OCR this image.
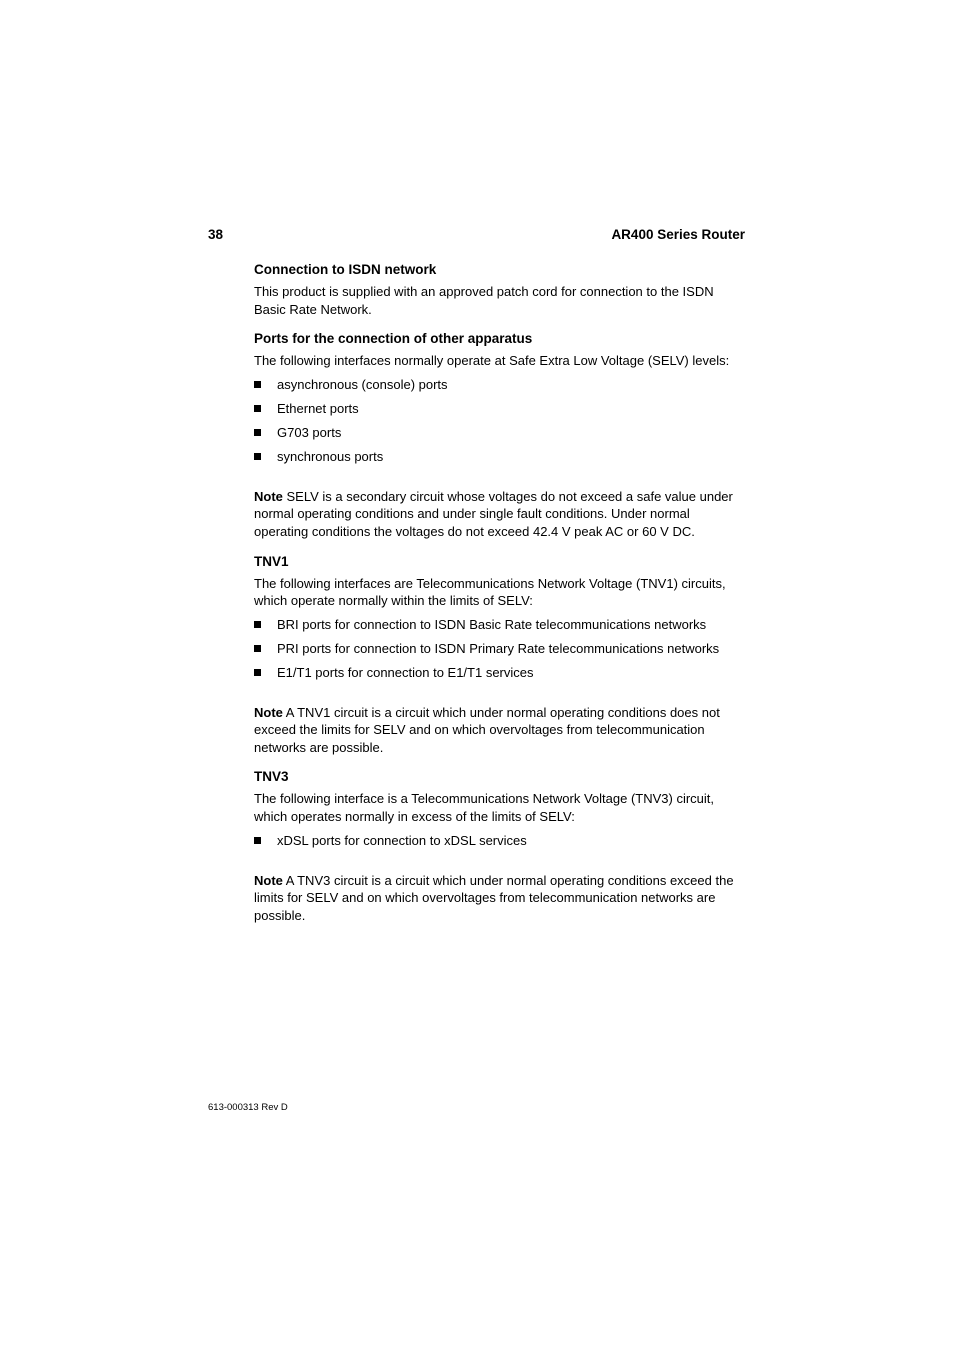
38	AR400 Series Router
Connection to ISDN network

This product is supplied with an approved patch cord for connection to the ISDN Basic Rate Network.

Ports for the connection of other apparatus

The following interfaces normally operate at Safe Extra Low Voltage (SELV) levels:

asynchronous (console) ports
Ethernet ports
G703 ports
synchronous ports

Note SELV is a secondary circuit whose voltages do not exceed a safe value under normal operating conditions and under single fault conditions. Under normal operating conditions the voltages do not exceed 42.4 V peak AC or 60 V DC.

TNV1

The following interfaces are Telecommunications Network Voltage (TNV1) circuits, which operate normally within the limits of SELV:

BRI ports for connection to ISDN Basic Rate telecommunications networks
PRI ports for connection to ISDN Primary Rate telecommunications networks
E1/T1 ports for connection to E1/T1 services

Note A TNV1 circuit is a circuit which under normal operating conditions does not exceed the limits for SELV and on which overvoltages from telecommunication networks are possible.

TNV3

The following interface is a Telecommunications Network Voltage (TNV3) circuit, which operates normally in excess of the limits of SELV:

xDSL ports for connection to xDSL services

Note A TNV3 circuit is a circuit which under normal operating conditions exceed the limits for SELV and on which overvoltages from telecommunication networks are possible.

613-000313 Rev D
